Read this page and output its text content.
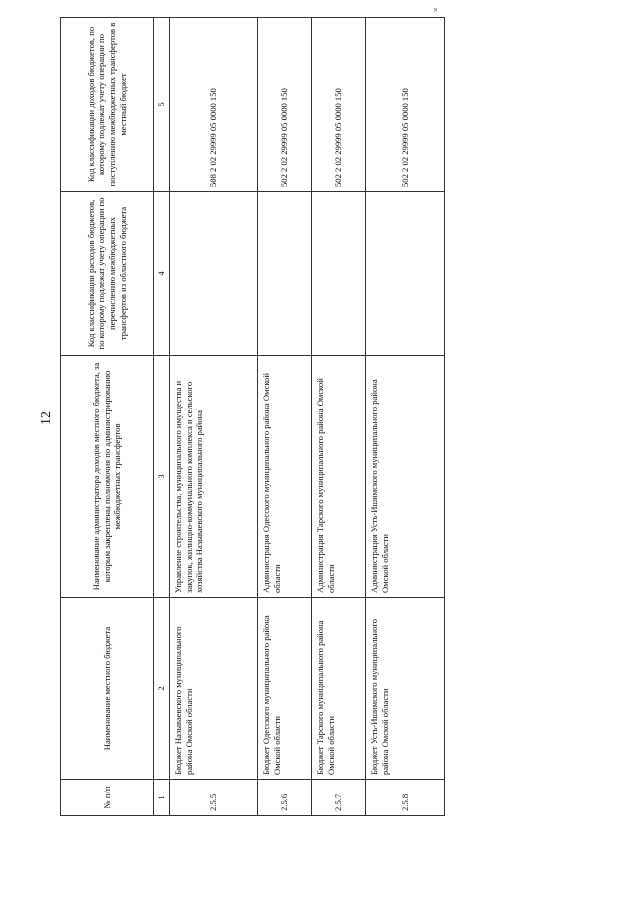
×
12
№ п/п	Наименование местного бюджета	Наименование администратора доходов местного бюджета, за которым закреплены полномочия по администрированию межбюджетных трансфертов	Код классификации расходов бюджетов, по которому подлежат учету операции по перечислению межбюджетных трансфертов из областного бюджета	Код классификации доходов бюджетов, по которому подлежат учету операции по поступлению межбюджетных трансфертов в местный бюджет
1	2	3	4	5
2.5.5	Бюджет Называевского муниципального района Омской области	Управление строительства, муниципального имущества и закупок, жилищно-коммунального комплекса и сельского хозяйства Называевского муниципального района		508 2 02 29999 05 0000 150
2.5.6	Бюджет Одесского муниципального района Омской области	Администрация Одесского муниципального района Омской области		502 2 02 29999 05 0000 150
2.5.7	Бюджет Тарского муниципального района Омской области	Администрация Тарского муниципального района Омской области		502 2 02 29999 05 0000 150
2.5.8	Бюджет Усть-Ишимского муниципального района Омской области	Администрация Усть-Ишимского муниципального района Омской области		502 2 02 29999 05 0000 150
